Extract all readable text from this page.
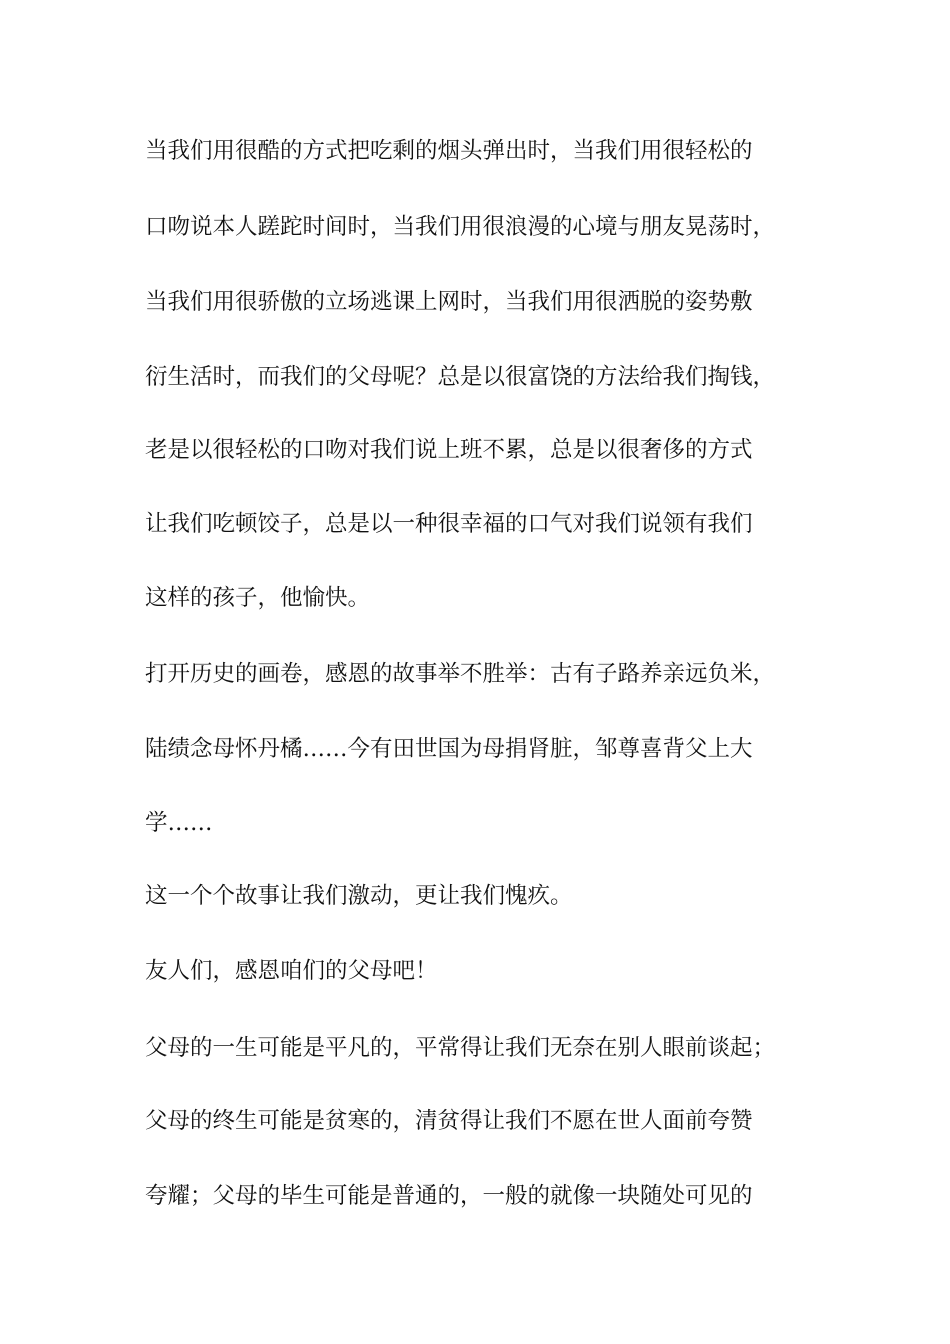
当我们用很酷的方式把吃剩的烟头弹出时，当我们用很轻松的
口吻说本人蹉跎时间时，当我们用很浪漫的心境与朋友晃荡时，
当我们用很骄傲的立场逃课上网时，当我们用很洒脱的姿势敷
衍生活时，而我们的父母呢？总是以很富饶的方法给我们掏钱，
老是以很轻松的口吻对我们说上班不累，总是以很奢侈的方式
让我们吃顿饺子，总是以一种很幸福的口气对我们说领有我们
这样的孩子，他愉快。
打开历史的画卷，感恩的故事举不胜举：古有子路养亲远负米，
陆绩念母怀丹橘……今有田世国为母捐肾脏，邹尊喜背父上大
学……
这一个个故事让我们激动，更让我们愧疚。
友人们，感恩咱们的父母吧！
父母的一生可能是平凡的，平常得让我们无奈在别人眼前谈起；
父母的终生可能是贫寒的，清贫得让我们不愿在世人面前夸赞
夸耀；父母的毕生可能是普通的，一般的就像一块随处可见的
